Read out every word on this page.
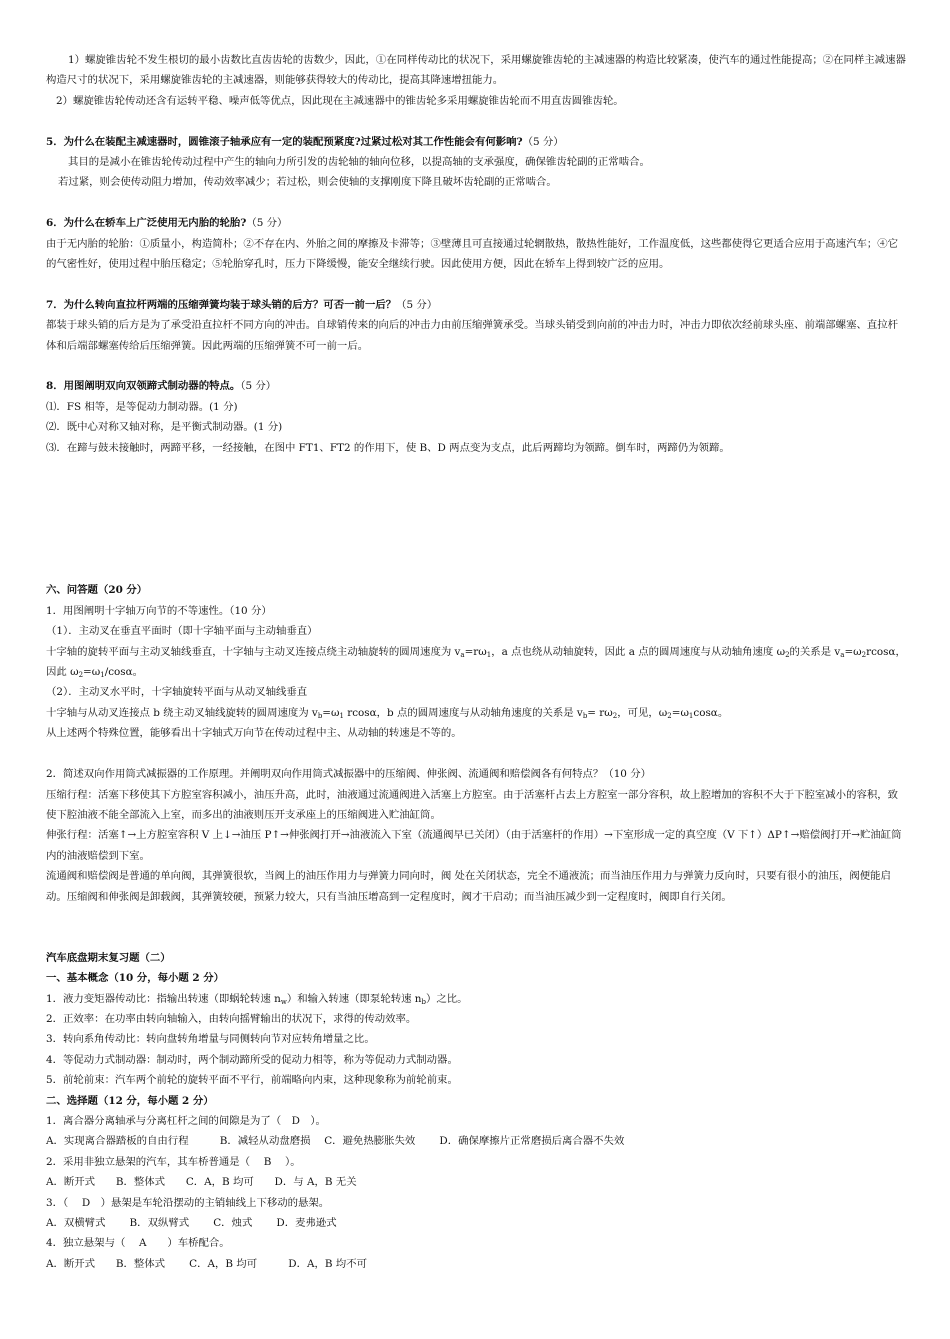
1）螺旋锥齿轮不发生根切的最小齿数比直齿齿轮的齿数少，因此，①在同样传动比的状况下，采用螺旋锥齿轮的主减速器的构造比较紧凑，使汽车的通过性能提高；②在同样主减速器构造尺寸的状况下，采用螺旋锥齿轮的主减速器，则能够获得较大的传动比，提高其降速增扭能力。

2）螺旋锥齿轮传动还含有运转平稳、噪声低等优点，因此现在主减速器中的锥齿轮多采用螺旋锥齿轮而不用直齿圆锥齿轮。

5．为什么在装配主减速器时，圆锥滚子轴承应有一定的装配预紧度?过紧过松对其工作性能会有何影响?（5 分）

其目的是减小在锥齿轮传动过程中产生的轴向力所引发的齿轮轴的轴向位移，以提高轴的支承强度，确保锥齿轮副的正常啮合。

若过紧，则会使传动阻力增加，传动效率减少；若过松，则会使轴的支撑刚度下降且破坏齿轮副的正常啮合。

6．为什么在轿车上广泛使用无内胎的轮胎?（5 分）

由于无内胎的轮胎：①质量小，构造简朴；②不存在内、外胎之间的摩擦及卡滞等；③壁薄且可直接通过轮辋散热，散热性能好，工作温度低，这些都使得它更适合应用于高速汽车；④它的气密性好，使用过程中胎压稳定；⑤轮胎穿孔时，压力下降缓慢，能安全继续行驶。因此使用方便，因此在轿车上得到较广泛的应用。

7．为什么转向直拉杆两端的压缩弹簧均装于球头销的后方？可否一前一后？（5 分）

都装于球头销的后方是为了承受沿直拉杆不同方向的冲击。自球销传来的向后的冲击力由前压缩弹簧承受。当球头销受到向前的冲击力时，冲击力即依次经前球头座、前端部螺塞、直拉杆体和后端部螺塞传给后压缩弹簧。因此两端的压缩弹簧不可一前一后。

8．用图阐明双向双领蹄式制动器的特点。（5 分）

⑴．FS 相等，是等促动力制动器。(1 分)

⑵．既中心对称又轴对称，是平衡式制动器。(1 分)

⑶．在蹄与鼓未接触时，两蹄平移，一经接触，在图中 FT1、FT2 的作用下，使 B、D 两点变为支点，此后两蹄均为领蹄。倒车时，两蹄仍为领蹄。

六、问答题（20 分）

1．用图阐明十字轴万向节的不等速性。（10 分）

（1）．主动叉在垂直平面时（即十字轴平面与主动轴垂直）

十字轴的旋转平面与主动叉轴线垂直，十字轴与主动叉连接点绕主动轴旋转的圆周速度为 $v_a=r\omega_1$，a 点也绕从动轴旋转，因此 a 点的圆周速度与从动轴角速度 $\omega_2$的关系是 $v_a=\omega_2rcos\alpha$，因此 $\omega_2=\omega_1$/cosα。

（2）．主动叉水平时，十字轴旋转平面与从动叉轴线垂直

十字轴与从动叉连接点 b 绕主动叉轴线旋转的圆周速度为 $v_b=\omega_1$ rcosα，b 点的圆周速度与从动轴角速度的关系是 $v_b= r\omega_2$，可见，$\omega_2=\omega_1\cos\alpha$。

从上述两个特殊位置，能够看出十字轴式万向节在传动过程中主、从动轴的转速是不等的。

2．简述双向作用筒式减振器的工作原理。并阐明双向作用筒式减振器中的压缩阀、伸张阀、流通阀和赔偿阀各有何特点？（10 分）

压缩行程：活塞下移使其下方腔室容积减小，油压升高，此时，油液通过流通阀进入活塞上方腔室。由于活塞杆占去上方腔室一部分容积，故上腔增加的容积不大于下腔室减小的容积，致使下腔油液不能全部流入上室，而多出的油液则压开支承座上的压缩阀进入贮油缸筒。

伸张行程：活塞↑→上方腔室容积 V 上↓→油压 P↑→伸张阀打开→油液流入下室（流通阀早已关闭）（由于活塞杆的作用）→下室形成一定的真空度（V 下↑）ΔP↑→赔偿阀打开→贮油缸筒内的油液赔偿到下室。

流通阀和赔偿阀是普通的单向阀，其弹簧很软，当阀上的油压作用力与弹簧力同向时，阀 处在关闭状态，完全不通液流；而当油压作用力与弹簧力反向时，只要有很小的油压，阀便能启动。压缩阀和伸张阀是卸载阀，其弹簧较硬，预紧力较大，只有当油压增高到一定程度时，阀才干启动；而当油压减少到一定程度时，阀即自行关闭。

汽车底盘期末复习题（二）

一、基本概念（10 分，每小题 2 分）

1．液力变矩器传动比：指输出转速（即蜗轮转速 $n_w$）和输入转速（即泵轮转速 $n_b$）之比。

2．正效率：在功率由转向轴输入，由转向摇臂输出的状况下，求得的传动效率。

3．转向系角传动比：转向盘转角增量与同侧转向节对应转角增量之比。

4．等促动力式制动器：制动时，两个制动蹄所受的促动力相等，称为等促动力式制动器。

5．前轮前束：汽车两个前轮的旋转平面不平行，前端略向内束，这种现象称为前轮前束。

二、选择题（12 分，每小题 2 分）

1．离合器分离轴承与分离杠杆之间的间隙是为了（　D　）。

A．实现离合器踏板的自由行程　　　B．减轻从动盘磨损　 C．避免热膨胀失效　　 D．确保摩擦片正常磨损后离合器不失效

2．采用非独立悬架的汽车，其车桥普通是（　 B　 ）。

A．断开式　　B．整体式　　C．A，B 均可　　D．与 A，B 无关

3．（　 D　）悬架是车轮沿摆动的主销轴线上下移动的悬架。

A．双横臂式　　 B．双纵臂式　　 C．烛式　　 D．麦弗逊式

4．独立悬架与（　 A　　）车桥配合。

A．断开式　　B．整体式　　 C．A，B 均可　　　D．A，B 均不可
